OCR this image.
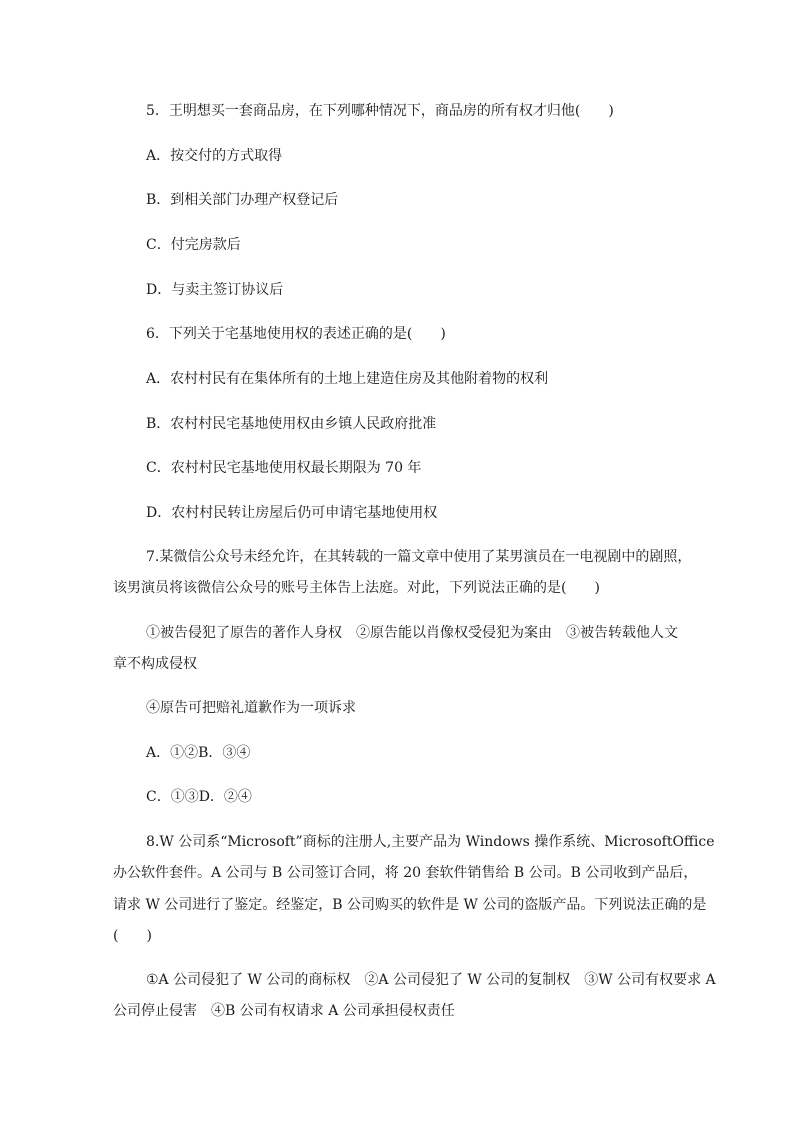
5．王明想买一套商品房，在下列哪种情况下，商品房的所有权才归他(　　)
A．按交付的方式取得
B．到相关部门办理产权登记后
C．付完房款后
D．与卖主签订协议后
6．下列关于宅基地使用权的表述正确的是(　　)
A．农村村民有在集体所有的土地上建造住房及其他附着物的权利
B．农村村民宅基地使用权由乡镇人民政府批准
C．农村村民宅基地使用权最长期限为 70 年
D．农村村民转让房屋后仍可申请宅基地使用权
7.某微信公众号未经允许，在其转载的一篇文章中使用了某男演员在一电视剧中的剧照，
该男演员将该微信公众号的账号主体告上法庭。对此，下列说法正确的是(　　)
①被告侵犯了原告的著作人身权　②原告能以肖像权受侵犯为案由　③被告转载他人文
章不构成侵权
④原告可把赔礼道歉作为一项诉求
A．①②B．③④
C．①③D．②④
8.W 公司系“Microsoft”商标的注册人,主要产品为 Windows 操作系统、MicrosoftOffice
办公软件套件。A 公司与 B 公司签订合同，将 20 套软件销售给 B 公司。B 公司收到产品后，
请求 W 公司进行了鉴定。经鉴定，B 公司购买的软件是 W 公司的盗版产品。下列说法正确的是
(　　)
①A 公司侵犯了 W 公司的商标权　②A 公司侵犯了 W 公司的复制权　③W 公司有权要求 A
公司停止侵害　④B 公司有权请求 A 公司承担侵权责任
